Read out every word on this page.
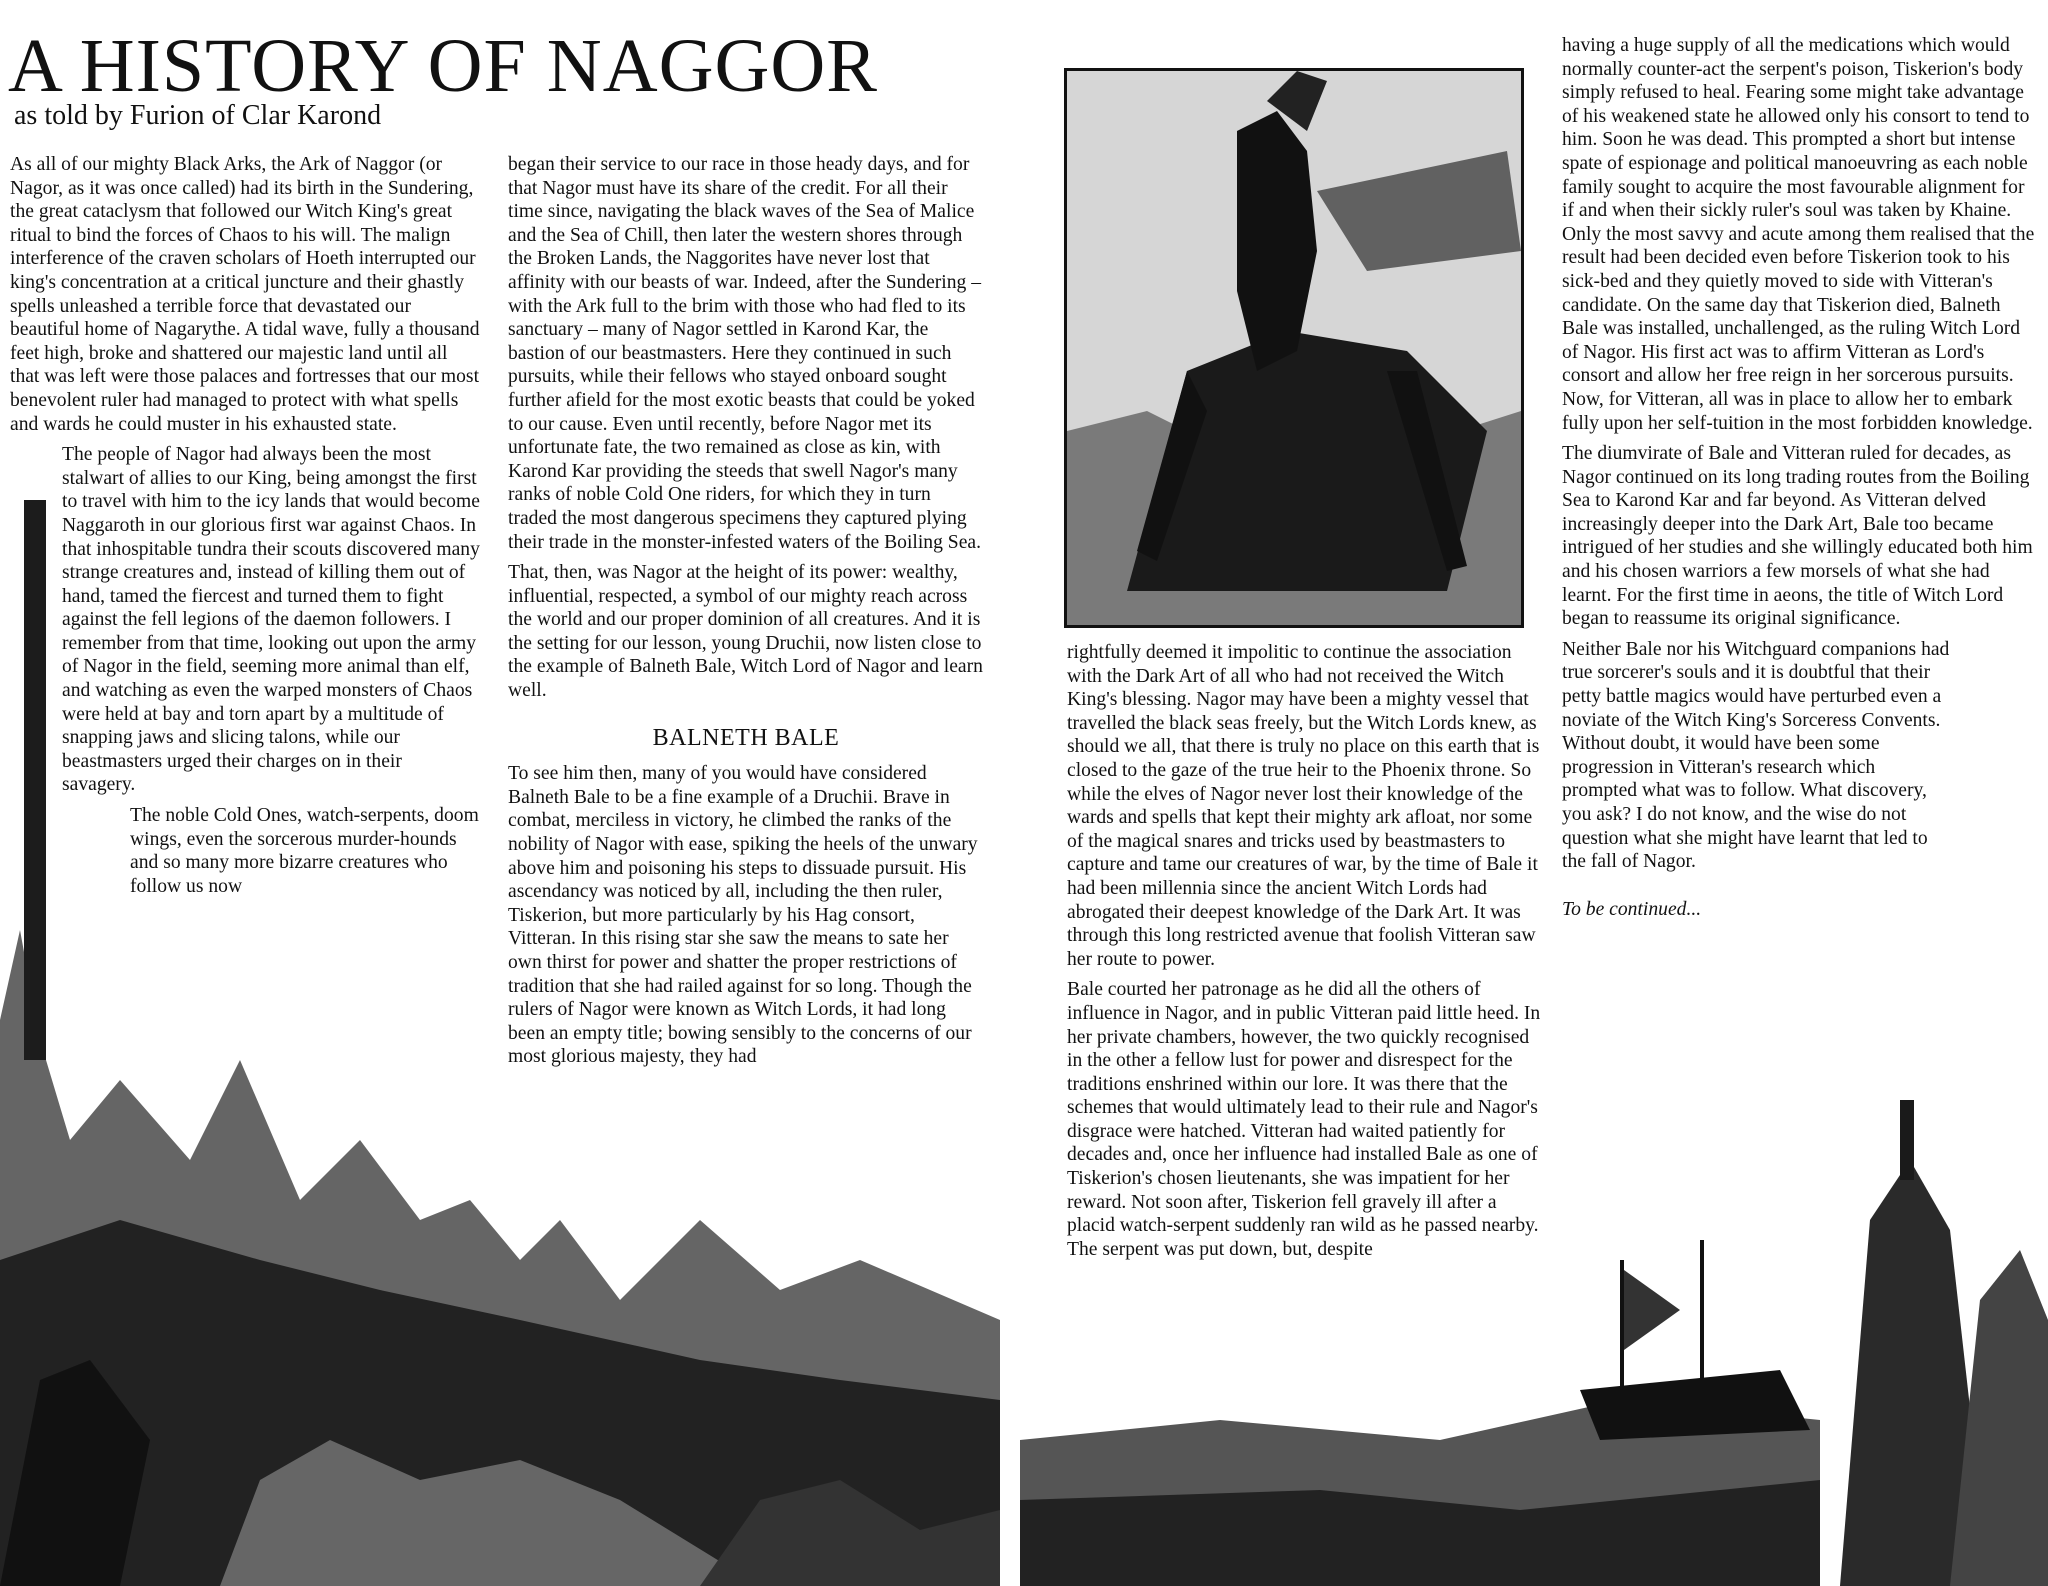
A HISTORY OF NAGGOR
as told by Furion of Clar Karond

As all of our mighty Black Arks, the Ark of Naggor (or Nagor, as it was once called) had its birth in the Sundering, the great cataclysm that followed our Witch King's great ritual to bind the forces of Chaos to his will. The malign interference of the craven scholars of Hoeth interrupted our king's concentration at a critical juncture and their ghastly spells unleashed a terrible force that devastated our beautiful home of Nagarythe. A tidal wave, fully a thousand feet high, broke and shattered our majestic land until all that was left were those palaces and fortresses that our most benevolent ruler had managed to protect with what spells and wards he could muster in his exhausted state.

The people of Nagor had always been the most stalwart of allies to our King, being amongst the first to travel with him to the icy lands that would become Naggaroth in our glorious first war against Chaos. In that inhospitable tundra their scouts discovered many strange creatures and, instead of killing them out of hand, tamed the fiercest and turned them to fight against the fell legions of the daemon followers. I remember from that time, looking out upon the army of Nagor in the field, seeming more animal than elf, and watching as even the warped monsters of Chaos were held at bay and torn apart by a multitude of snapping jaws and slicing talons, while our beastmasters urged their charges on in their savagery.

The noble Cold Ones, watch-serpents, doom wings, even the sorcerous murder-hounds and so many more bizarre creatures who follow us now

began their service to our race in those heady days, and for that Nagor must have its share of the credit. For all their time since, navigating the black waves of the Sea of Malice and the Sea of Chill, then later the western shores through the Broken Lands, the Naggorites have never lost that affinity with our beasts of war. Indeed, after the Sundering – with the Ark full to the brim with those who had fled to its sanctuary – many of Nagor settled in Karond Kar, the bastion of our beastmasters. Here they continued in such pursuits, while their fellows who stayed onboard sought further afield for the most exotic beasts that could be yoked to our cause. Even until recently, before Nagor met its unfortunate fate, the two remained as close as kin, with Karond Kar providing the steeds that swell Nagor's many ranks of noble Cold One riders, for which they in turn traded the most dangerous specimens they captured plying their trade in the monster-infested waters of the Boiling Sea.

That, then, was Nagor at the height of its power: wealthy, influential, respected, a symbol of our mighty reach across the world and our proper dominion of all creatures. And it is the setting for our lesson, young Druchii, now listen close to the example of Balneth Bale, Witch Lord of Nagor and learn well.

BALNETH BALE

To see him then, many of you would have considered Balneth Bale to be a fine example of a Druchii. Brave in combat, merciless in victory, he climbed the ranks of the nobility of Nagor with ease, spiking the heels of the unwary above him and poisoning his steps to dissuade pursuit. His ascendancy was noticed by all, including the then ruler, Tiskerion, but more particularly by his Hag consort, Vitteran. In this rising star she saw the means to sate her own thirst for power and shatter the proper restrictions of tradition that she had railed against for so long. Though the rulers of Nagor were known as Witch Lords, it had long been an empty title; bowing sensibly to the concerns of our most glorious majesty, they had

rightfully deemed it impolitic to continue the association with the Dark Art of all who had not received the Witch King's blessing. Nagor may have been a mighty vessel that travelled the black seas freely, but the Witch Lords knew, as should we all, that there is truly no place on this earth that is closed to the gaze of the true heir to the Phoenix throne. So while the elves of Nagor never lost their knowledge of the wards and spells that kept their mighty ark afloat, nor some of the magical snares and tricks used by beastmasters to capture and tame our creatures of war, by the time of Bale it had been millennia since the ancient Witch Lords had abrogated their deepest knowledge of the Dark Art. It was through this long restricted avenue that foolish Vitteran saw her route to power.

Bale courted her patronage as he did all the others of influence in Nagor, and in public Vitteran paid little heed. In her private chambers, however, the two quickly recognised in the other a fellow lust for power and disrespect for the traditions enshrined within our lore. It was there that the schemes that would ultimately lead to their rule and Nagor's disgrace were hatched. Vitteran had waited patiently for decades and, once her influence had installed Bale as one of Tiskerion's chosen lieutenants, she was impatient for her reward. Not soon after, Tiskerion fell gravely ill after a placid watch-serpent suddenly ran wild as he passed nearby. The serpent was put down, but, despite

having a huge supply of all the medications which would normally counter-act the serpent's poison, Tiskerion's body simply refused to heal. Fearing some might take advantage of his weakened state he allowed only his consort to tend to him. Soon he was dead. This prompted a short but intense spate of espionage and political manoeuvring as each noble family sought to acquire the most favourable alignment for if and when their sickly ruler's soul was taken by Khaine. Only the most savvy and acute among them realised that the result had been decided even before Tiskerion took to his sick-bed and they quietly moved to side with Vitteran's candidate. On the same day that Tiskerion died, Balneth Bale was installed, unchallenged, as the ruling Witch Lord of Nagor. His first act was to affirm Vitteran as Lord's consort and allow her free reign in her sorcerous pursuits. Now, for Vitteran, all was in place to allow her to embark fully upon her self-tuition in the most forbidden knowledge.

The diumvirate of Bale and Vitteran ruled for decades, as Nagor continued on its long trading routes from the Boiling Sea to Karond Kar and far beyond. As Vitteran delved increasingly deeper into the Dark Art, Bale too became intrigued of her studies and she willingly educated both him and his chosen warriors a few morsels of what she had learnt. For the first time in aeons, the title of Witch Lord began to reassume its original significance.

Neither Bale nor his Witchguard companions had true sorcerer's souls and it is doubtful that their petty battle magics would have perturbed even a noviate of the Witch King's Sorceress Convents. Without doubt, it would have been some progression in Vitteran's research which prompted what was to follow. What discovery, you ask? I do not know, and the wise do not question what she might have learnt that led to the fall of Nagor.

To be continued...
